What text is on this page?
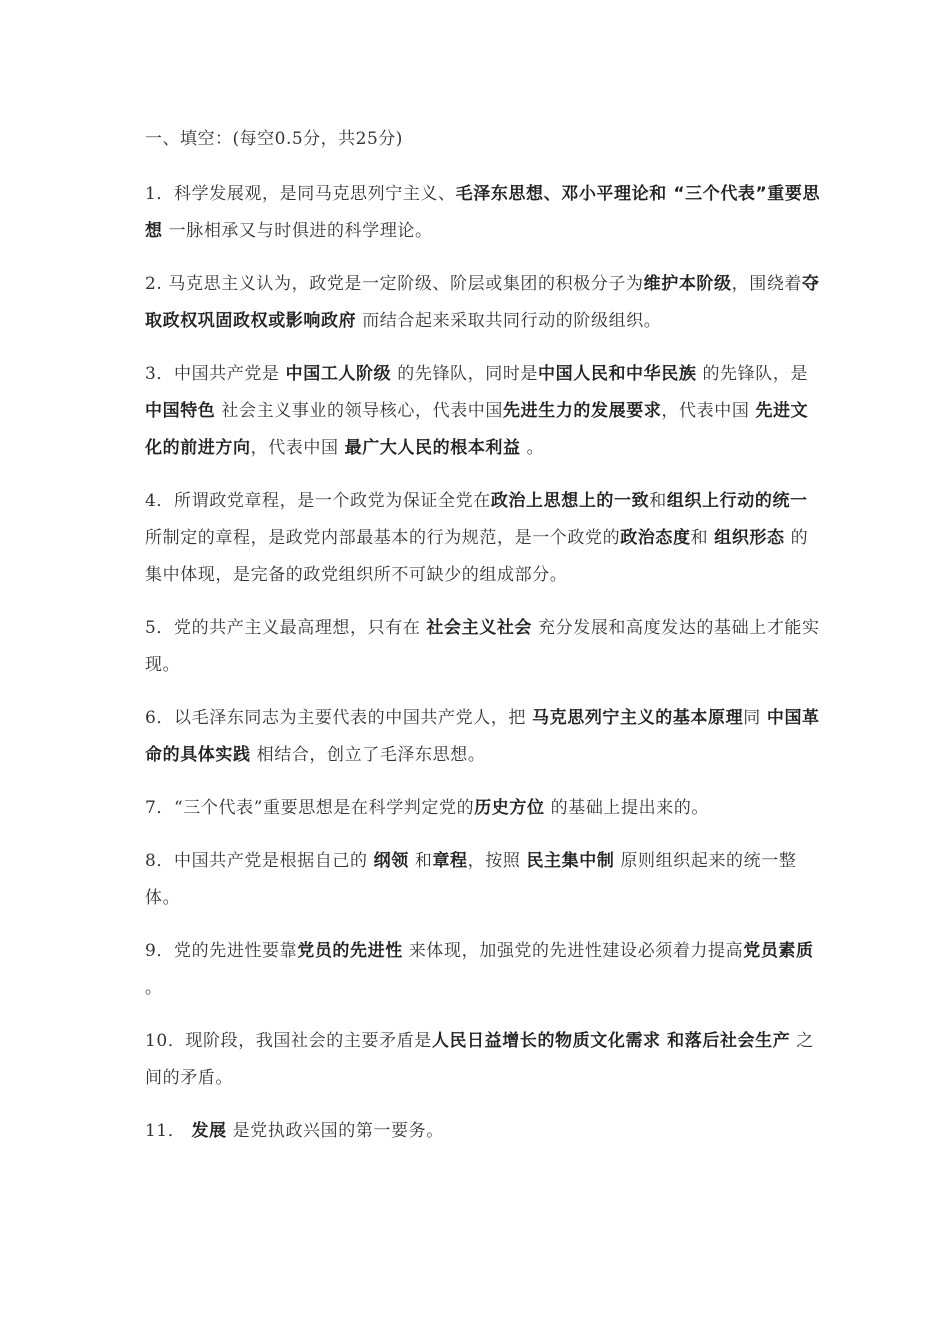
一、填空：(每空0.5分，共25分)

1．科学发展观，是同马克思列宁主义、毛泽东思想、邓小平理论和 “三个代表”重要思想 一脉相承又与时俱进的科学理论。

2. 马克思主义认为，政党是一定阶级、阶层或集团的积极分子为维护本阶级，围绕着夺取政权巩固政权或影响政府 而结合起来采取共同行动的阶级组织。

3．中国共产党是 中国工人阶级 的先锋队，同时是中国人民和中华民族 的先锋队，是 中国特色 社会主义事业的领导核心，代表中国先进生力的发展要求，代表中国 先进文化的前进方向，代表中国 最广大人民的根本利益 。

4．所谓政党章程，是一个政党为保证全党在政治上思想上的一致和组织上行动的统一所制定的章程，是政党内部最基本的行为规范，是一个政党的政治态度和 组织形态 的集中体现，是完备的政党组织所不可缺少的组成部分。

5．党的共产主义最高理想，只有在 社会主义社会 充分发展和高度发达的基础上才能实现。

6．以毛泽东同志为主要代表的中国共产党人，把 马克思列宁主义的基本原理同 中国革命的具体实践 相结合，创立了毛泽东思想。

7．“三个代表”重要思想是在科学判定党的历史方位 的基础上提出来的。

8．中国共产党是根据自己的 纲领 和章程，按照 民主集中制 原则组织起来的统一整体。

9．党的先进性要靠党员的先进性 来体现，加强党的先进性建设必须着力提高党员素质 。

10．现阶段，我国社会的主要矛盾是人民日益增长的物质文化需求 和落后社会生产 之间的矛盾。

11． 发展 是党执政兴国的第一要务。
